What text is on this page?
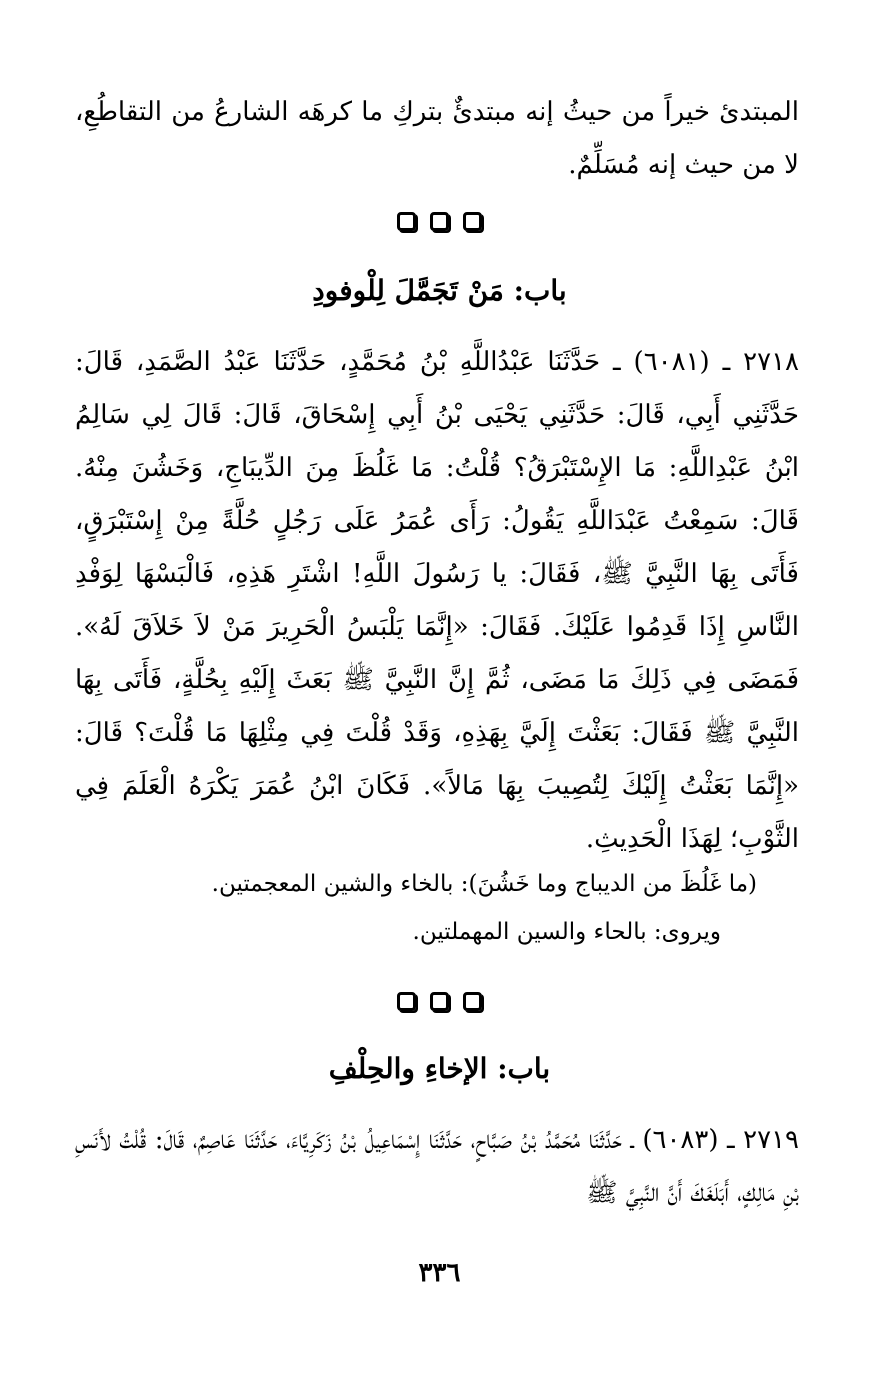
المبتدئ خيراً من حيثُ إنه مبتدئٌ بتركِ ما كرهَه الشارعُ من التقاطُعِ، لا من حيث إنه مُسَلِّمٌ.

باب: مَنْ تَجَمَّلَ لِلْوفودِ

٢٧١٨ ـ (٦٠٨١) ـ حَدَّثَنَا عَبْدُاللَّهِ بْنُ مُحَمَّدٍ، حَدَّثَنَا عَبْدُ الصَّمَدِ، قَالَ: حَدَّثَنِي أَبِي، قَالَ: حَدَّثَنِي يَحْيَى بْنُ أَبِي إِسْحَاقَ، قَالَ: قَالَ لِي سَالِمُ ابْنُ عَبْدِاللَّهِ: مَا الإِسْتَبْرَقُ؟ قُلْتُ: مَا غَلُظَ مِنَ الدِّيبَاجِ، وَخَشُنَ مِنْهُ. قَالَ: سَمِعْتُ عَبْدَاللَّهِ يَقُولُ: رَأَى عُمَرُ عَلَى رَجُلٍ حُلَّةً مِنْ إِسْتَبْرَقٍ، فَأَتَى بِهَا النَّبِيَّ ﷺ، فَقَالَ: يا رَسُولَ اللَّهِ! اشْتَرِ هَذِهِ، فَالْبَسْهَا لِوَفْدِ النَّاسِ إِذَا قَدِمُوا عَلَيْكَ. فَقَالَ: «إِنَّمَا يَلْبَسُ الْحَرِيرَ مَنْ لاَ خَلاَقَ لَهُ». فَمَضَى فِي ذَلِكَ مَا مَضَى، ثُمَّ إِنَّ النَّبِيَّ ﷺ بَعَثَ إِلَيْهِ بِحُلَّةٍ، فَأَتَى بِهَا النَّبِيَّ ﷺ فَقَالَ: بَعَثْتَ إِلَيَّ بِهَذِهِ، وَقَدْ قُلْتَ فِي مِثْلِهَا مَا قُلْتَ؟ قَالَ: «إِنَّمَا بَعَثْتُ إِلَيْكَ لِتُصِيبَ بِهَا مَالاً». فَكَانَ ابْنُ عُمَرَ يَكْرَهُ الْعَلَمَ فِي الثَّوْبِ؛ لِهَذَا الْحَدِيثِ.

(ما غَلُظَ من الديباج وما خَشُنَ): بالخاء والشين المعجمتين.

ويروى: بالحاء والسين المهملتين.

باب: الإخاءِ والحِلْفِ

٢٧١٩ ـ (٦٠٨٣) ـ حَدَّثَنَا مُحَمَّدُ بْنُ صَبَّاحٍ، حَدَّثَنَا إِسْمَاعِيلُ بْنُ زَكَرِيَّاءَ، حَدَّثَنَا عَاصِمٌ، قَالَ: قُلْتُ لأَنَسِ بْنِ مَالِكٍ، أَبَلَغَكَ أَنَّ النَّبِيَّ ﷺ

٣٣٦
